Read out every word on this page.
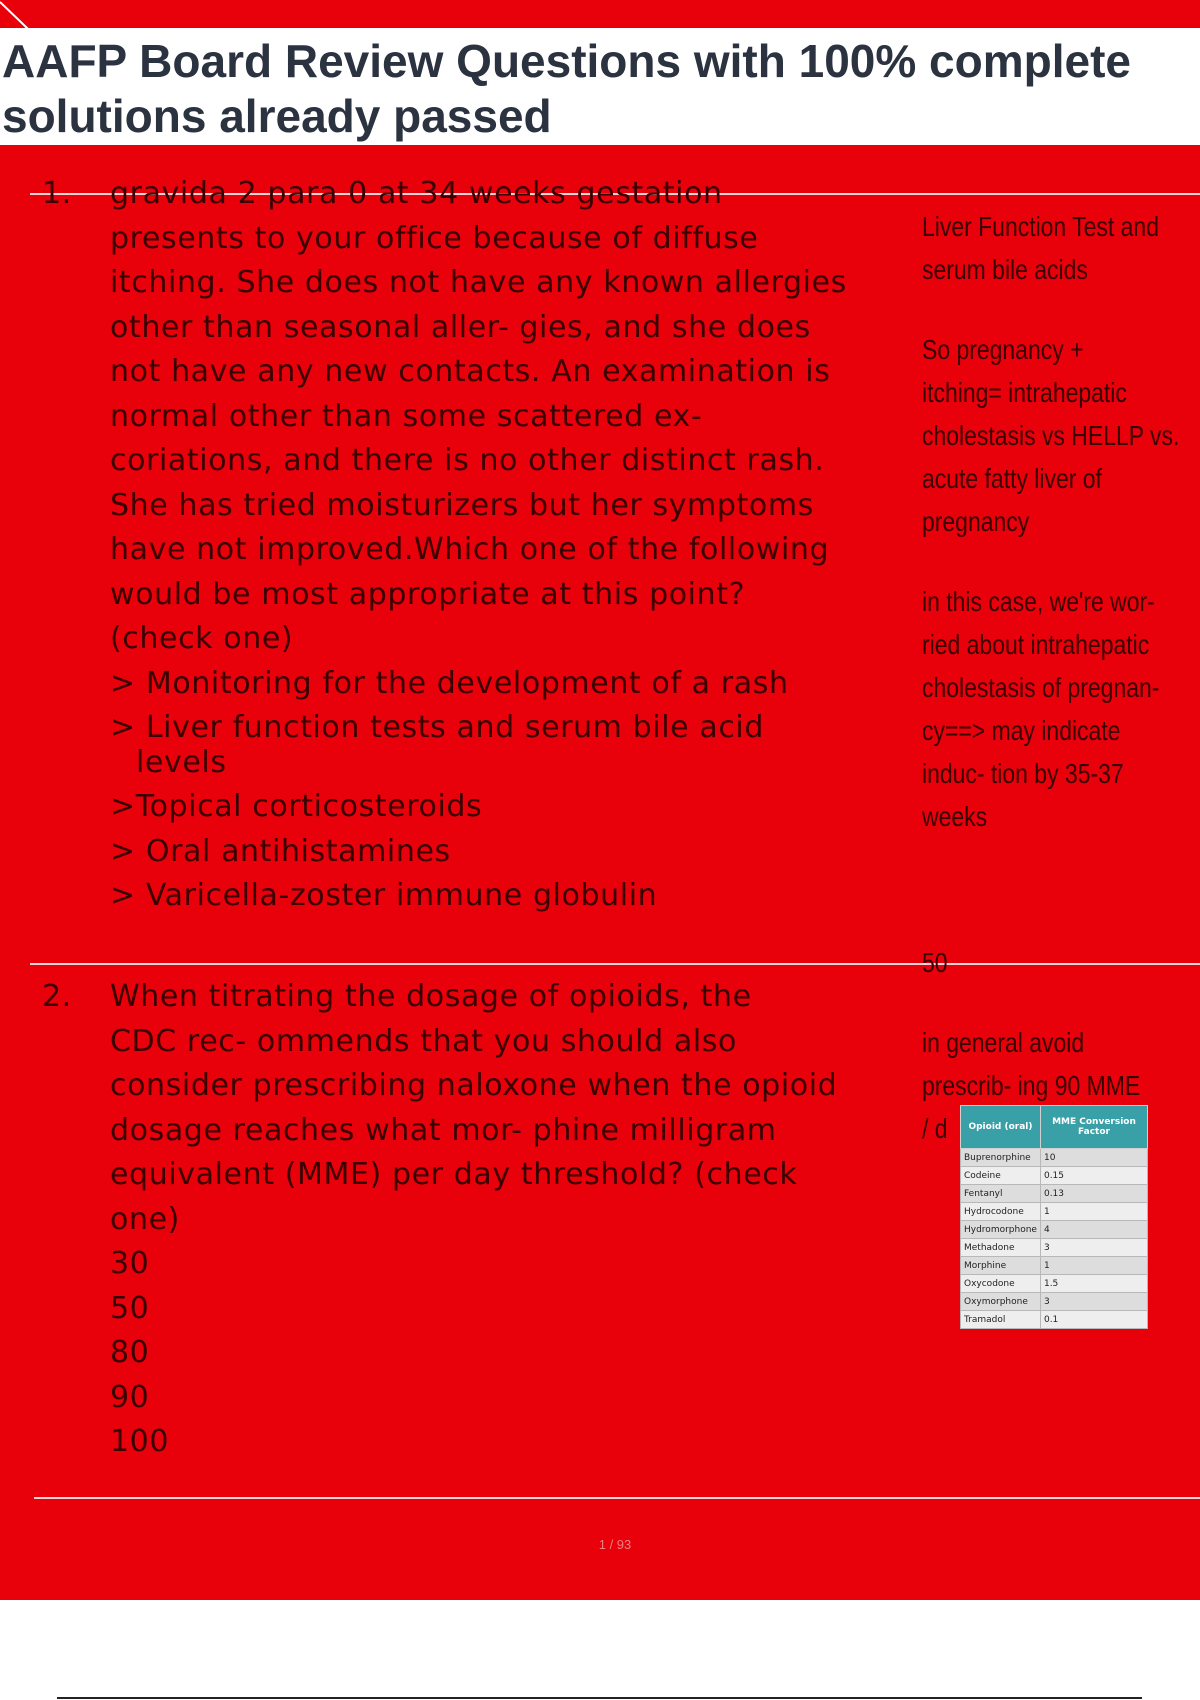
AAFP Board Review Questions with 100% complete solutions already passed
1. gravida 2 para 0 at 34 weeks gestation
presents to your office because of diffuse
itching. She does not have any known allergies
other than seasonal aller- gies, and she does
not have any new contacts. An examination is
normal other than some scattered ex-
coriations, and there is no other distinct rash.
She has tried moisturizers but her symptoms
have not improved.Which one of the following
would be most appropriate at this point?
(check one)
> Monitoring for the development of a rash
> Liver function tests and serum bile acid
levels
>Topical corticosteroids
> Oral antihistamines
> Varicella-zoster immune globulin

Liver Function Test and

serum bile acids

So pregnancy +

itching= intrahepatic

cholestasis vs HELLP vs.

acute fatty liver of

pregnancy

in this case, we're wor-

ried about intrahepatic

cholestasis of pregnan-

cy==> may indicate

induc- tion by 35-37

weeks

2. When titrating the dosage of opioids, the
CDC rec- ommends that you should also
consider prescribing naloxone when the opioid
dosage reaches what mor- phine milligram
equivalent (MME) per day threshold? (check
one)
30
50
80
90
100

50

in general avoid

prescrib- ing 90 MME

/ d	Opioid (oral)	MME Conversion Factor
Buprenorphine	10
Codeine	0.15
Fentanyl	0.13
Hydrocodone	1
Hydromorphone	4
Methadone	3
Morphine	1
Oxycodone	1.5
Oxymorphone	3
Tramadol	0.1
1 / 93
